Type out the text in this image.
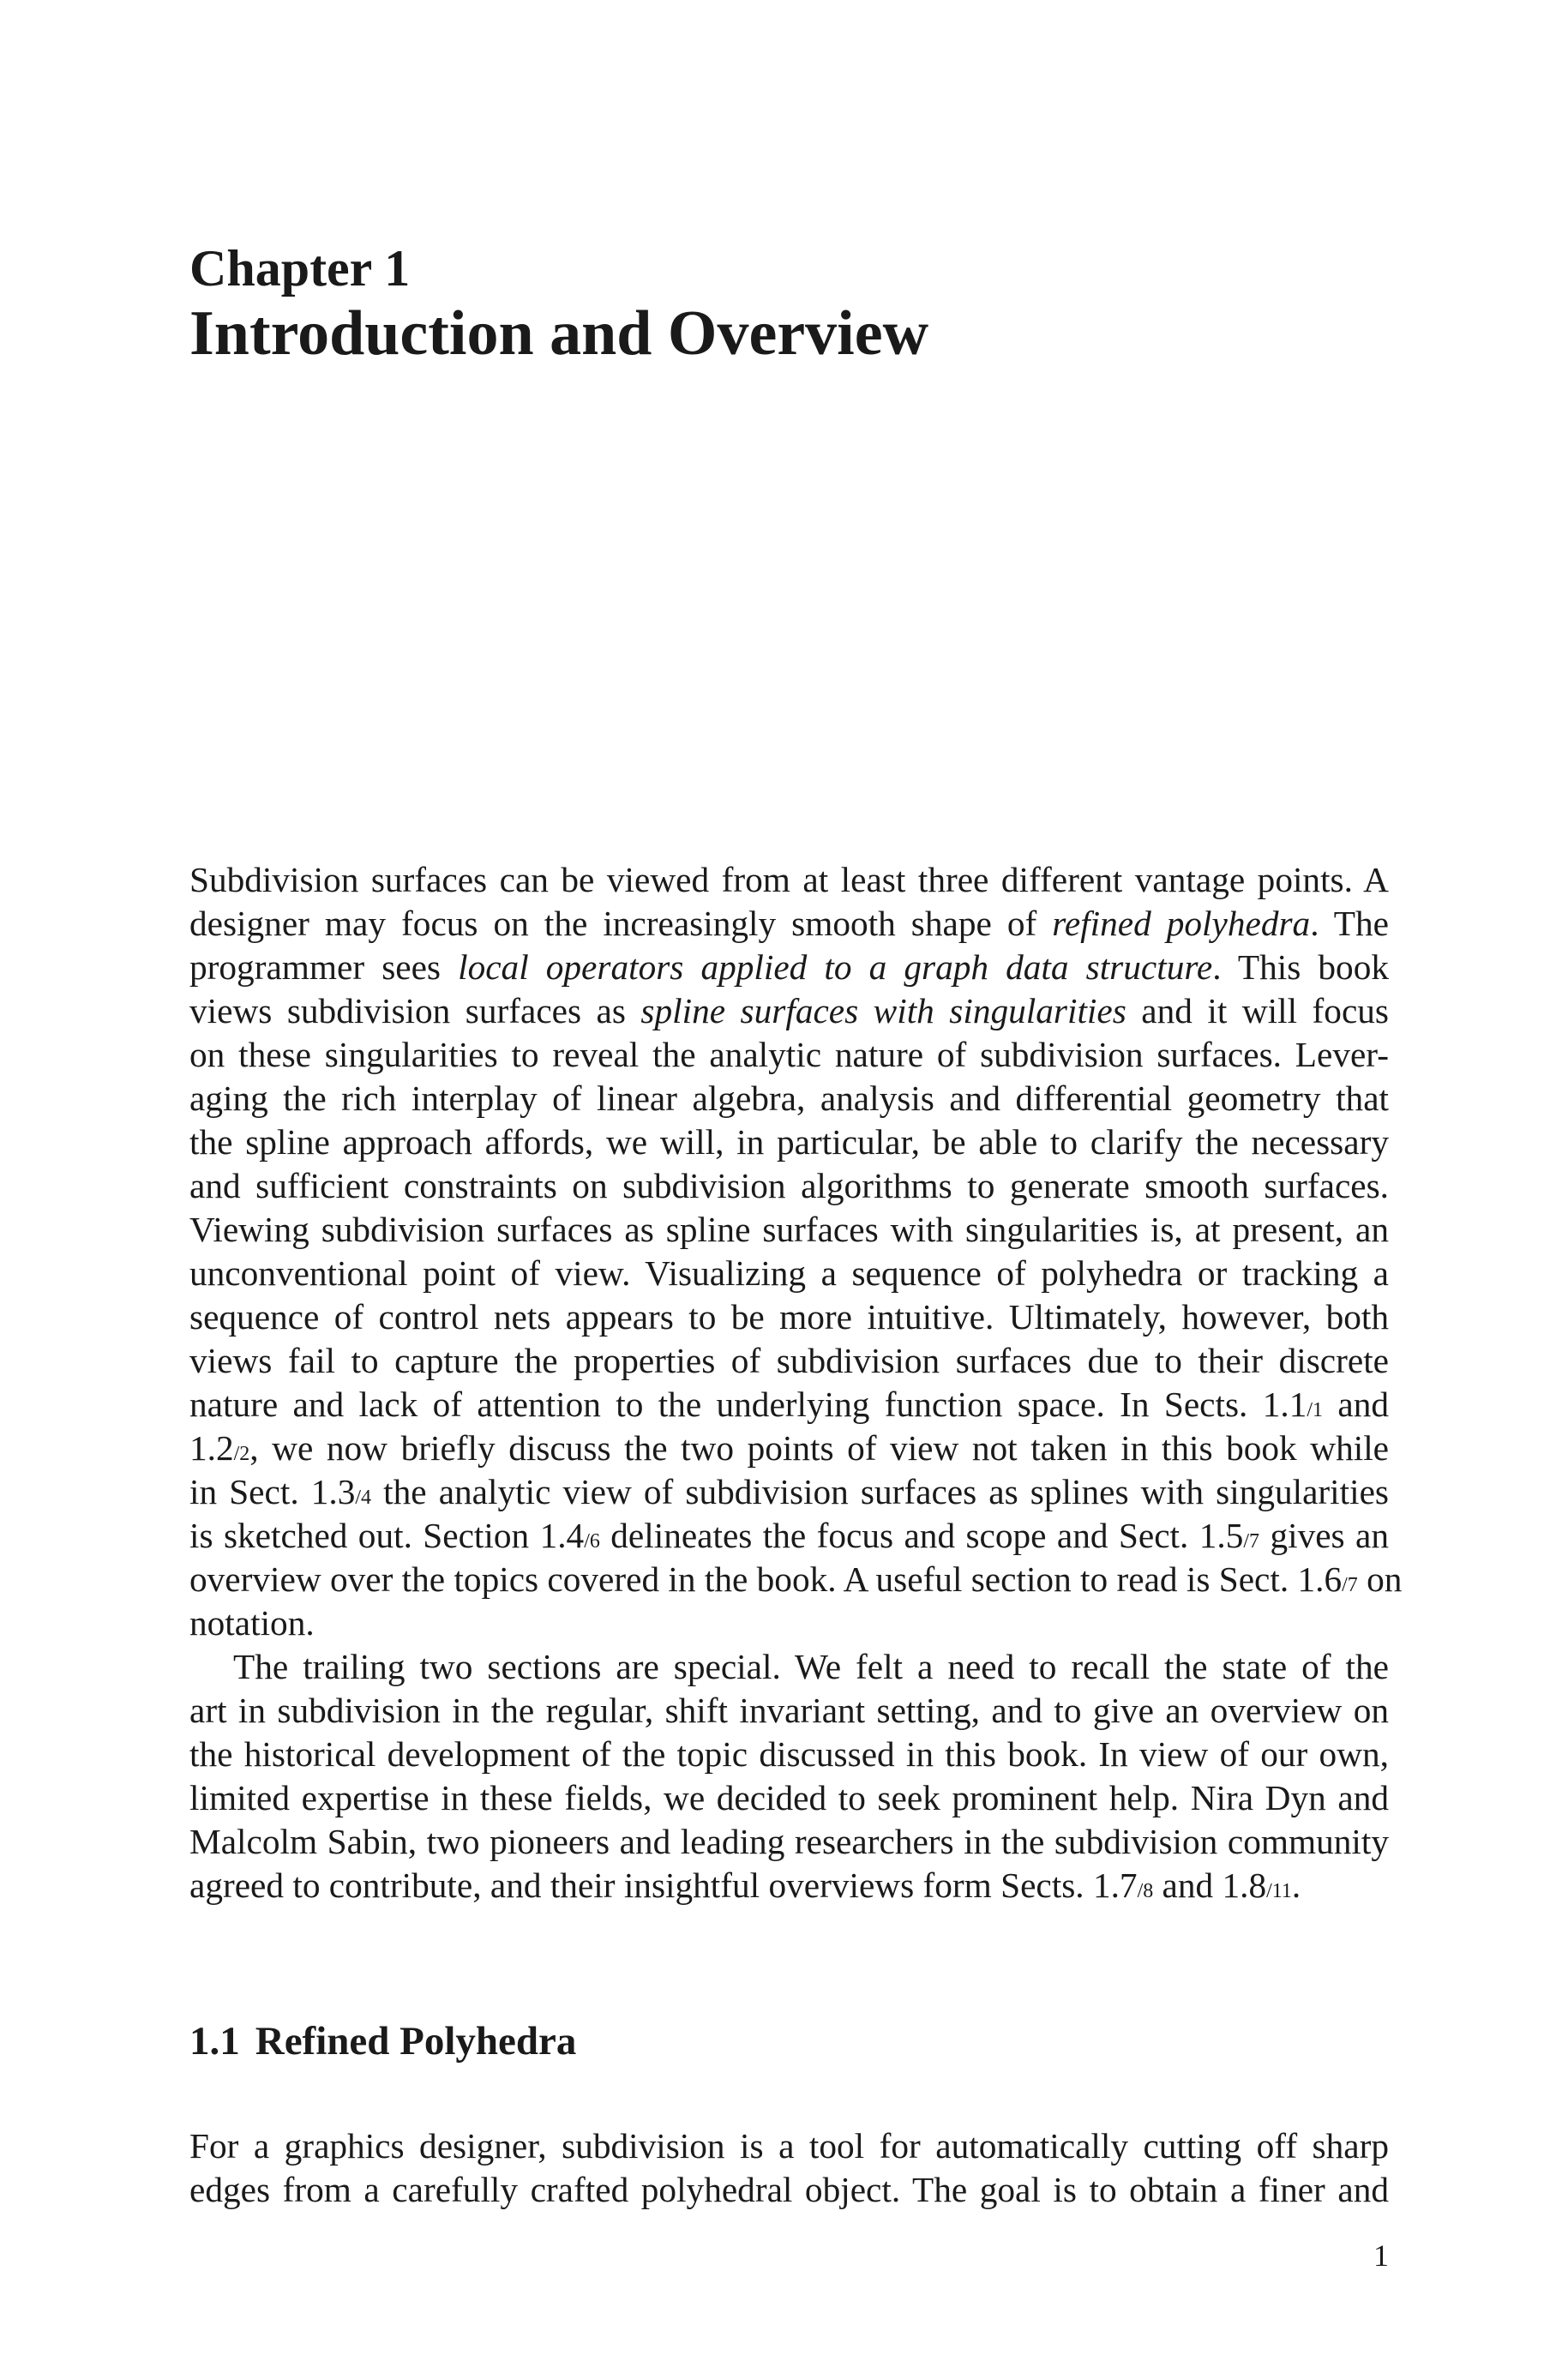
Chapter 1
Introduction and Overview
Subdivision surfaces can be viewed from at least three different vantage points. A
designer may focus on the increasingly smooth shape of refined polyhedra. The
programmer sees local operators applied to a graph data structure. This book
views subdivision surfaces as spline surfaces with singularities and it will focus
on these singularities to reveal the analytic nature of subdivision surfaces. Lever-
aging the rich interplay of linear algebra, analysis and differential geometry that
the spline approach affords, we will, in particular, be able to clarify the necessary
and sufficient constraints on subdivision algorithms to generate smooth surfaces.
Viewing subdivision surfaces as spline surfaces with singularities is, at present, an
unconventional point of view. Visualizing a sequence of polyhedra or tracking a
sequence of control nets appears to be more intuitive. Ultimately, however, both
views fail to capture the properties of subdivision surfaces due to their discrete
nature and lack of attention to the underlying function space. In Sects. 1.1/1 and
1.2/2, we now briefly discuss the two points of view not taken in this book while
in Sect. 1.3/4 the analytic view of subdivision surfaces as splines with singularities
is sketched out. Section 1.4/6 delineates the focus and scope and Sect. 1.5/7 gives an
overview over the topics covered in the book. A useful section to read is Sect. 1.6/7 on
notation.
The trailing two sections are special. We felt a need to recall the state of the
art in subdivision in the regular, shift invariant setting, and to give an overview on
the historical development of the topic discussed in this book. In view of our own,
limited expertise in these fields, we decided to seek prominent help. Nira Dyn and
Malcolm Sabin, two pioneers and leading researchers in the subdivision community
agreed to contribute, and their insightful overviews form Sects. 1.7/8 and 1.8/11.
1.1 Refined Polyhedra
For a graphics designer, subdivision is a tool for automatically cutting off sharp
edges from a carefully crafted polyhedral object. The goal is to obtain a finer and
1
